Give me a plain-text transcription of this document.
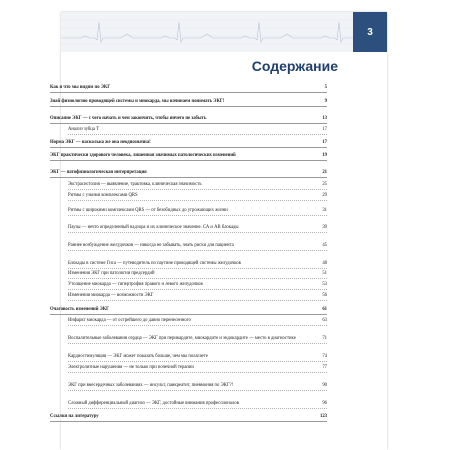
3
Содержание
Как и что мы видим по ЭКГ	5
Знай физиологию проводящей системы и миокарда, мы начинаем понимать ЭКГ!	9
Описание ЭКГ — с чего начать и чем закончить, чтобы ничего не забыть	13
Анализ зубца Т	17
Норма ЭКГ — насколько же она неоднозначна!	17
ЭКГ практически здорового человека, лишенная значимых патологических изменений	19
ЭКГ — патофизиологическая интерпретация	21
Экстрасистолия — выявление, трактовка, клиническая значимость	25
Ритмы с узкими комплексами QRS	29
Ритмы с широкими комплексами QRS — от безобидных до угрожающих жизни	31
Паузы — нечто определенный надзора и их клиническое значение. СА и АВ блокады	39
Раннее возбуждение желудочков — никогда не забывать, знать риски для пациента	45
Блокады в системе Гиса — путеводитель по паутине проводящей системы желудочков	48
Изменения ЭКГ при патологии предсердий	51
Утолщение миокарда — гипертрофия правого и левого желудочков	53
Изменения миокарда — возможности ЭКГ	56
Очаговость изменений ЭКГ	61
Инфаркт миокарда — от острейшего до давно перенесенного	63
Воспалительные заболевания сердца — ЭКГ при перикардите, миокардите и эндокардите — место в диагностике	71
Кардиостимуляция — ЭКГ может показать больше, чем мы полагаете	74
Электролитные нарушения — не только при почечной терапии	77
ЭКГ при внесердечных заболеваниях — инсульт, панкреатит, пневмония по ЭКГ?!	90
Сложный дифференциальный диагноз — ЭКГ, достойные внимания профессионалов	96
Ссылки на литературу	123
